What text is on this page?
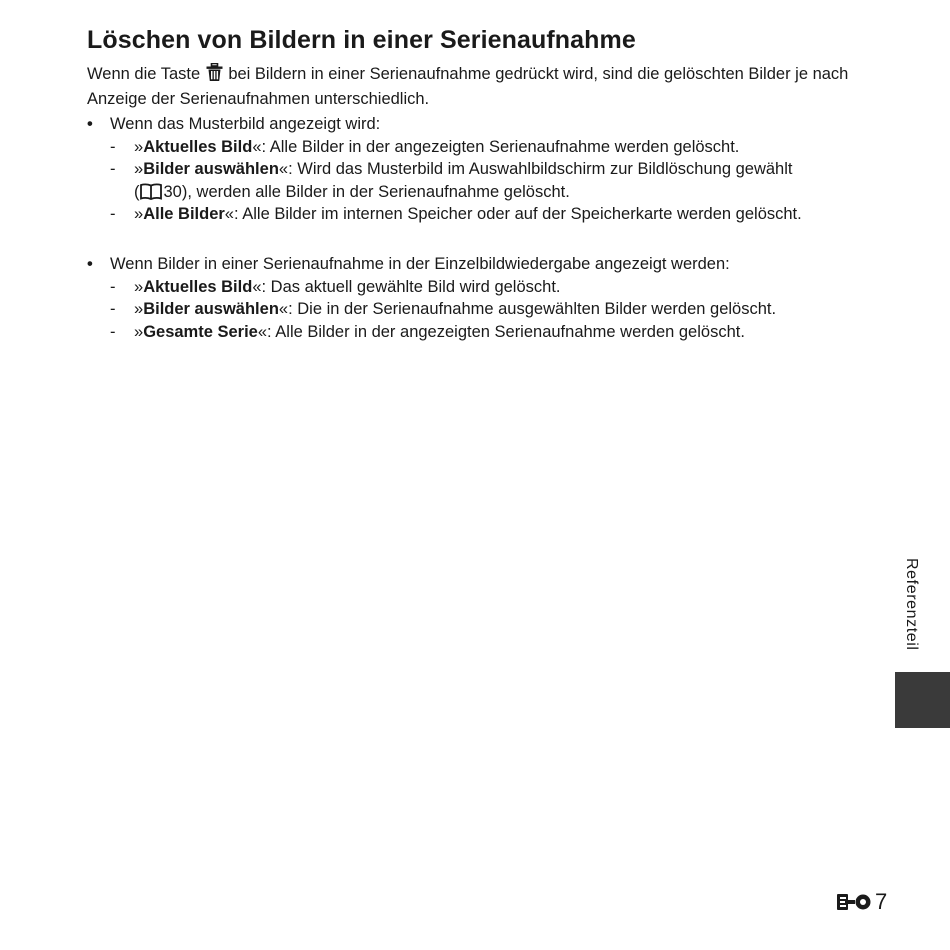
Löschen von Bildern in einer Serienaufnahme

Wenn die Taste bei Bildern in einer Serienaufnahme gedrückt wird, sind die gelöschten Bilder je nach Anzeige der Serienaufnahmen unterschiedlich.

• Wenn das Musterbild angezeigt wird:
- »Aktuelles Bild«: Alle Bilder in der angezeigten Serienaufnahme werden gelöscht.
- »Bilder auswählen«: Wird das Musterbild im Auswahlbildschirm zur Bildlöschung gewählt
( 30), werden alle Bilder in der Serienaufnahme gelöscht.
- »Alle Bilder«: Alle Bilder im internen Speicher oder auf der Speicherkarte werden gelöscht.
• Wenn Bilder in einer Serienaufnahme in der Einzelbildwiedergabe angezeigt werden:
- »Aktuelles Bild«: Das aktuell gewählte Bild wird gelöscht.
- »Bilder auswählen«: Die in der Serienaufnahme ausgewählten Bilder werden gelöscht.
- »Gesamte Serie«: Alle Bilder in der angezeigten Serienaufnahme werden gelöscht.
Referenzteil
7
